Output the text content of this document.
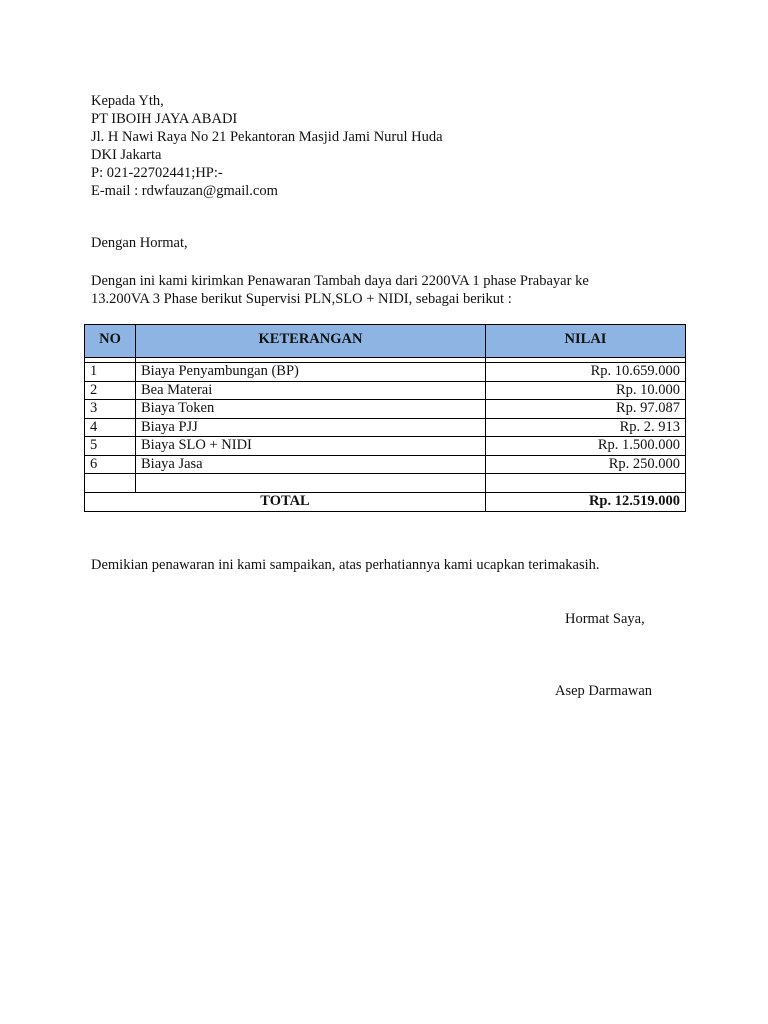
Kepada Yth,
PT IBOIH JAYA ABADI
Jl. H Nawi Raya No 21 Pekantoran Masjid Jami Nurul Huda
DKI Jakarta
P: 021-22702441;HP:-
E-mail : rdwfauzan@gmail.com
Dengan Hormat,
Dengan ini kami kirimkan Penawaran Tambah daya dari 2200VA 1 phase Prabayar ke
13.200VA 3 Phase berikut Supervisi PLN,SLO + NIDI, sebagai berikut :
NO	KETERANGAN	NILAI

1	Biaya Penyambungan (BP)	Rp. 10.659.000
2	Bea Materai	Rp. 10.000
3	Biaya Token	Rp. 97.087
4	Biaya PJJ	Rp. 2. 913
5	Biaya SLO + NIDI	Rp. 1.500.000
6	Biaya Jasa	Rp. 250.000

TOTAL		Rp. 12.519.000
Demikian penawaran ini kami sampaikan, atas perhatiannya kami ucapkan terimakasih.
Hormat Saya,
Asep Darmawan
